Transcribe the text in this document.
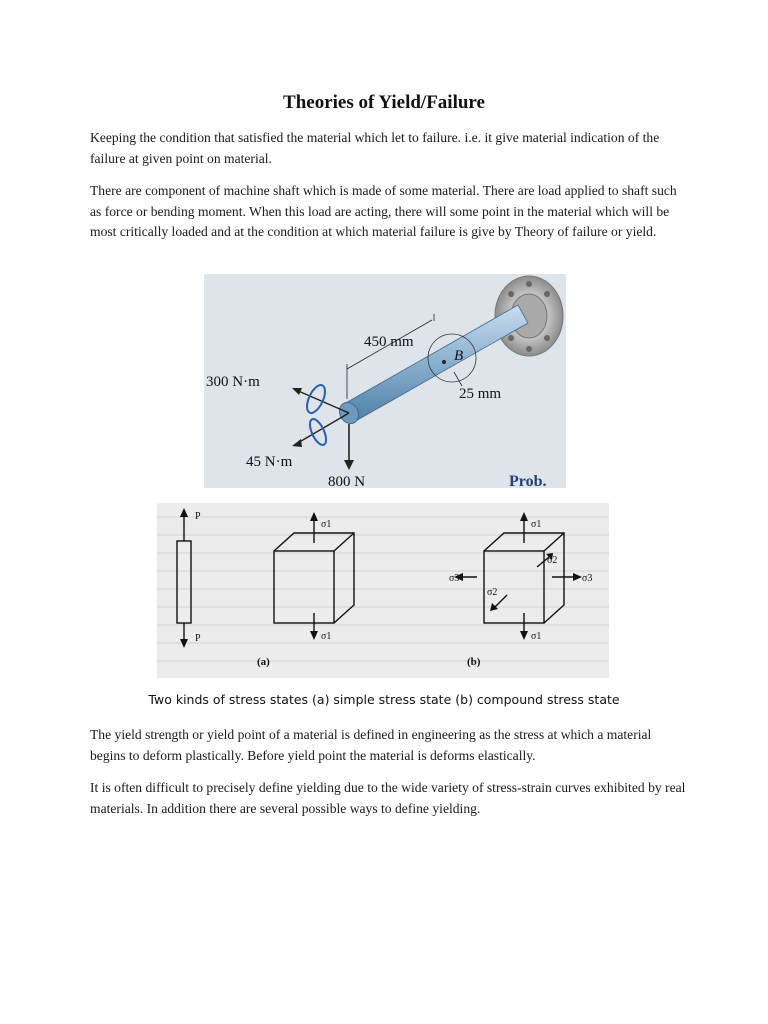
Theories of Yield/Failure

Keeping the condition that satisfied the material which let to failure. i.e. it give material indication of the failure at given point on material.

There are component of machine shaft which is made of some material. There are load applied to shaft such as force or bending moment. When this load are acting, there will some point in the material which will be most critically loaded and at the condition at which material failure is give by Theory of failure or yield.

450 mm
B
25 mm
300 N·m
45 N·m
800 N	Prob.
P
P
σ1
σ1
(a)
σ1
σ2
σ3
σ3
σ2
σ1
(b)
Two kinds of stress states (a) simple stress state (b) compound stress state

The yield strength or yield point of a material is defined in engineering as the stress at which a material begins to deform plastically. Before yield point the material is deforms elastically.

It is often difficult to precisely define yielding due to the wide variety of stress-strain curves exhibited by real materials. In addition there are several possible ways to define yielding.
